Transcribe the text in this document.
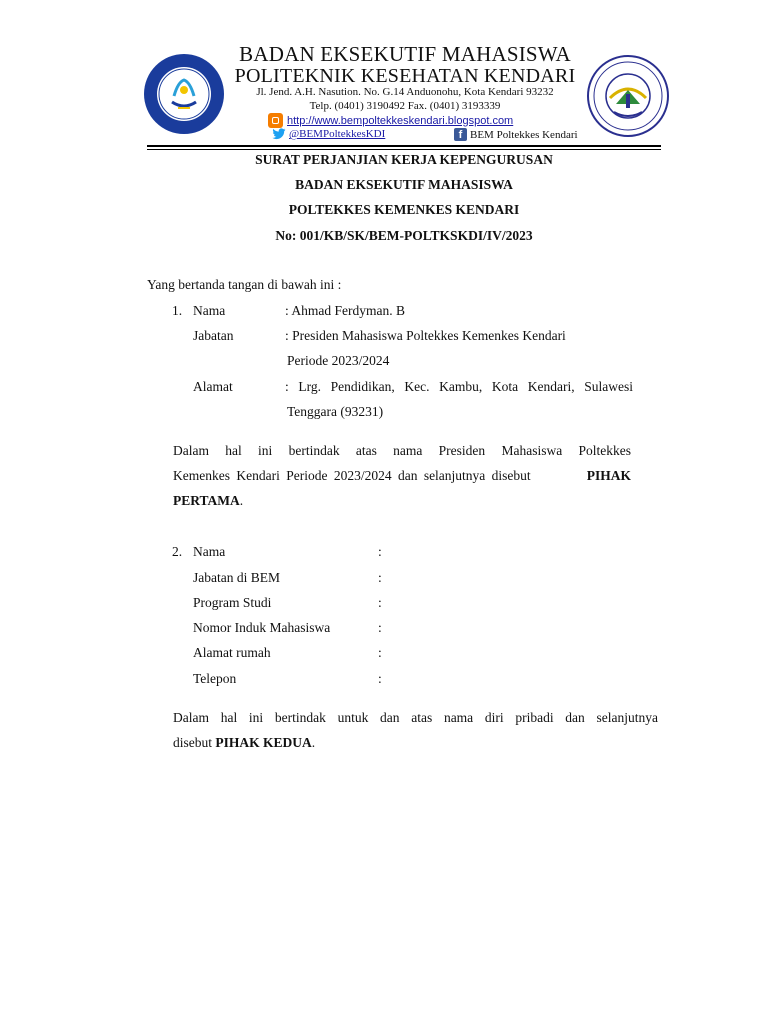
BADAN EKSEKUTIF MAHASISWA
POLITEKNIK KESEHATAN KENDARI
Jl. Jend. A.H. Nasution. No. G.14 Anduonohu, Kota Kendari 93232
Telp. (0401) 3190492 Fax. (0401) 3193339
http://www.bempoltekkeskendari.blogspot.com
@BEMPoltekkesKDI	f BEM Poltekkes Kendari
SURAT PERJANJIAN KERJA KEPENGURUSAN
BADAN EKSEKUTIF MAHASISWA
POLTEKKES KEMENKES KENDARI
No: 001/KB/SK/BEM-POLTKSKDI/IV/2023
Yang bertanda tangan di bawah ini :
1. Nama	: Ahmad Ferdyman. B
Jabatan	: Presiden Mahasiswa Poltekkes Kemenkes Kendari
Periode 2023/2024
Alamat	: Lrg. Pendidikan, Kec. Kambu, Kota Kendari, Sulawesi
Tenggara (93231)
Dalam hal ini bertindak atas nama Presiden Mahasiswa Poltekkes
Kemenkes Kendari Periode 2023/2024 dan selanjutnya disebut	PIHAK
PERTAMA.
2. Nama	:
Jabatan di BEM	:
Program Studi	:
Nomor Induk Mahasiswa	:
Alamat rumah	:
Telepon	:
Dalam hal ini bertindak untuk dan atas nama diri pribadi dan selanjutnya
disebut PIHAK KEDUA.
